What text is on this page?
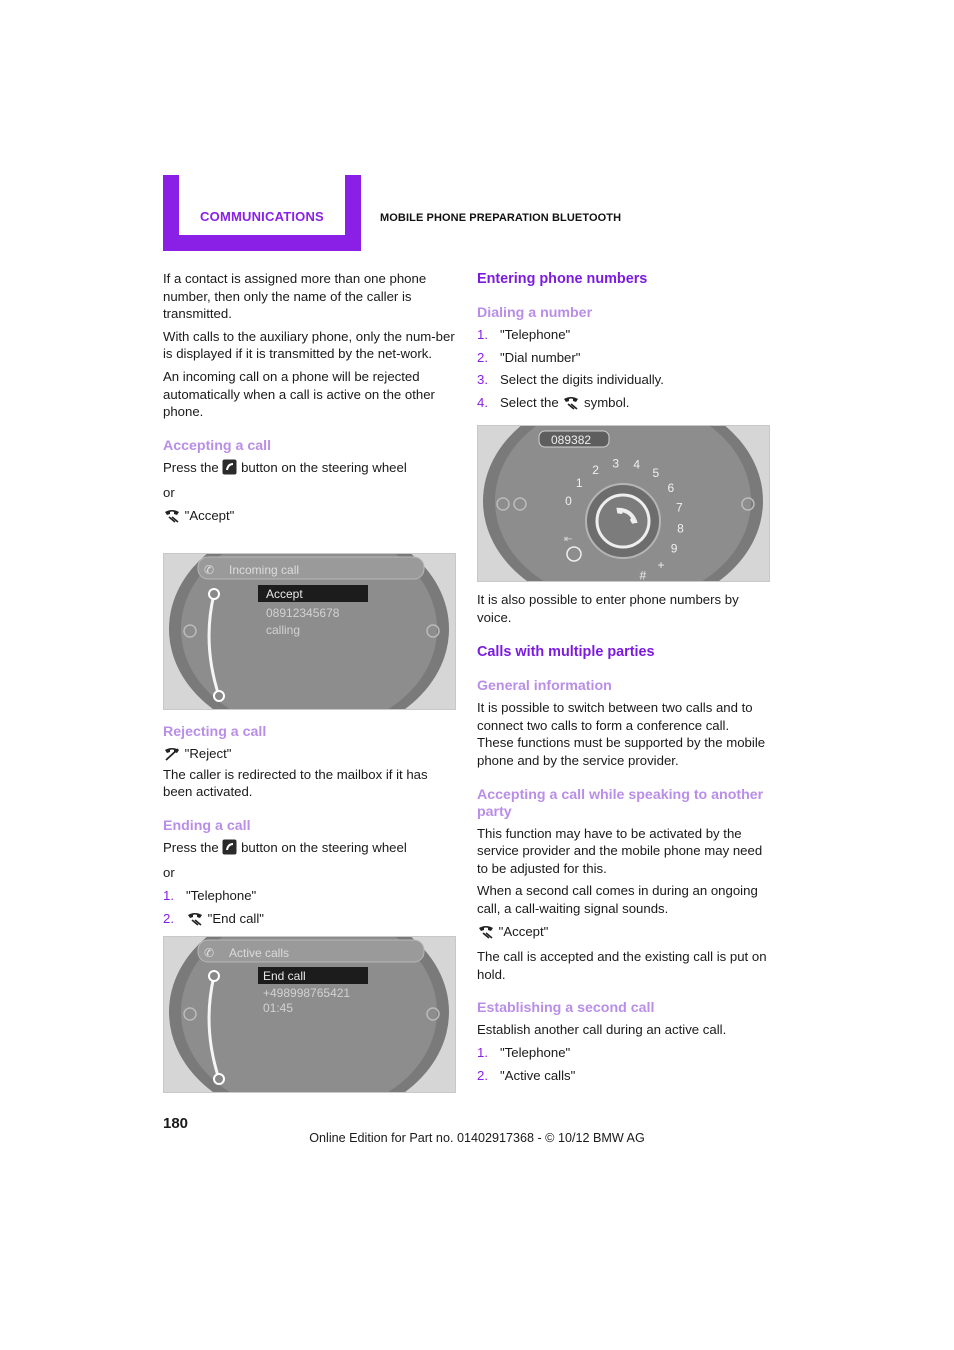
COMMUNICATIONS	MOBILE PHONE PREPARATION BLUETOOTH

If a contact is assigned more than one phone number, then only the name of the caller is transmitted.

With calls to the auxiliary phone, only the num-ber is displayed if it is transmitted by the net-work.

An incoming call on a phone will be rejected automatically when a call is active on the other phone.

Accepting a call

Press the button on the steering wheel

or

"Accept"

Incoming call
✆
Accept
08912345678
calling
Rejecting a call

"Reject"

The caller is redirected to the mailbox if it has been activated.

Ending a call

Press the button on the steering wheel

or

1. "Telephone"
2.	"End call"
✆ Active calls
End call
+498998765421
01:45
Entering phone numbers
Dialing a number
1. "Telephone"
2. "Dial number"
3. Select the digits individually.
4. Select the symbol.
089382
0
1
2 3 4
5
6
7
8
9
+
#
⇤

It is also possible to enter phone numbers by voice.

Calls with multiple parties
General information

It is possible to switch between two calls and to connect two calls to form a conference call. These functions must be supported by the mobile phone and by the service provider.

Accepting a call while speaking to another party

This function may have to be activated by the service provider and the mobile phone may need to be adjusted for this.

When a second call comes in during an ongoing call, a call-waiting signal sounds.

"Accept"

The call is accepted and the existing call is put on hold.

Establishing a second call

Establish another call during an active call.

1. "Telephone"
2. "Active calls"
180
Online Edition for Part no. 01402917368 - © 10/12 BMW AG
